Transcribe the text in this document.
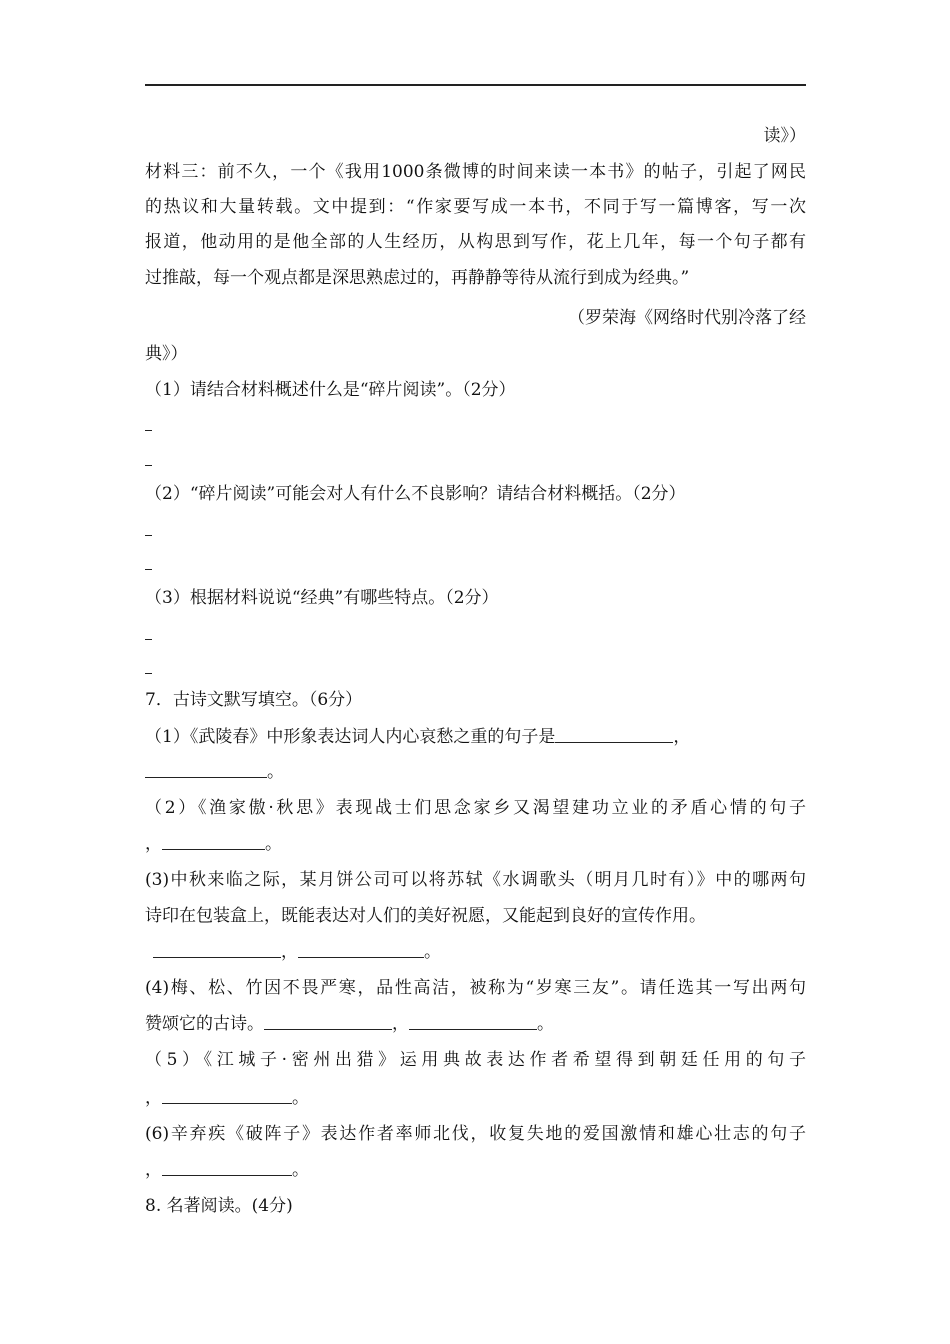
读》）
材料三：前不久，一个《我用1000条微博的时间来读一本书》的帖子，引起了网民
的热议和大量转载。文中提到：“作家要写成一本书，不同于写一篇博客，写一次
报道，他动用的是他全部的人生经历，从构思到写作，花上几年，每一个句子都有
过推敲，每一个观点都是深思熟虑过的，再静静等待从流行到成为经典。”
（罗荣海《网络时代别冷落了经
典》）
（1）请结合材料概述什么是“碎片阅读”。（2分）
（2）“碎片阅读”可能会对人有什么不良影响？请结合材料概括。（2分）
（3）根据材料说说“经典”有哪些特点。（2分）
7．古诗文默写填空。（6分）
（1）《武陵春》中形象表达词人内心哀愁之重的句子是	，
。
（2）《渔家傲·秋思》表现战士们思念家乡又渴望建功立业的矛盾心情的句子
，	。
(3)中秋来临之际，某月饼公司可以将苏轼《水调歌头（明月几时有）》中的哪两句
诗印在包装盒上，既能表达对人们的美好祝愿，又能起到良好的宣传作用。
，	。
(4)梅、松、竹因不畏严寒，品性高洁，被称为“岁寒三友”。请任选其一写出两句
赞颂它的古诗。	，	。
（5）《江城子·密州出猎》运用典故表达作者希望得到朝廷任用的句子
，	。
(6)辛弃疾《破阵子》表达作者率师北伐，收复失地的爱国激情和雄心壮志的句子
，	。
8. 名著阅读。(4分)
